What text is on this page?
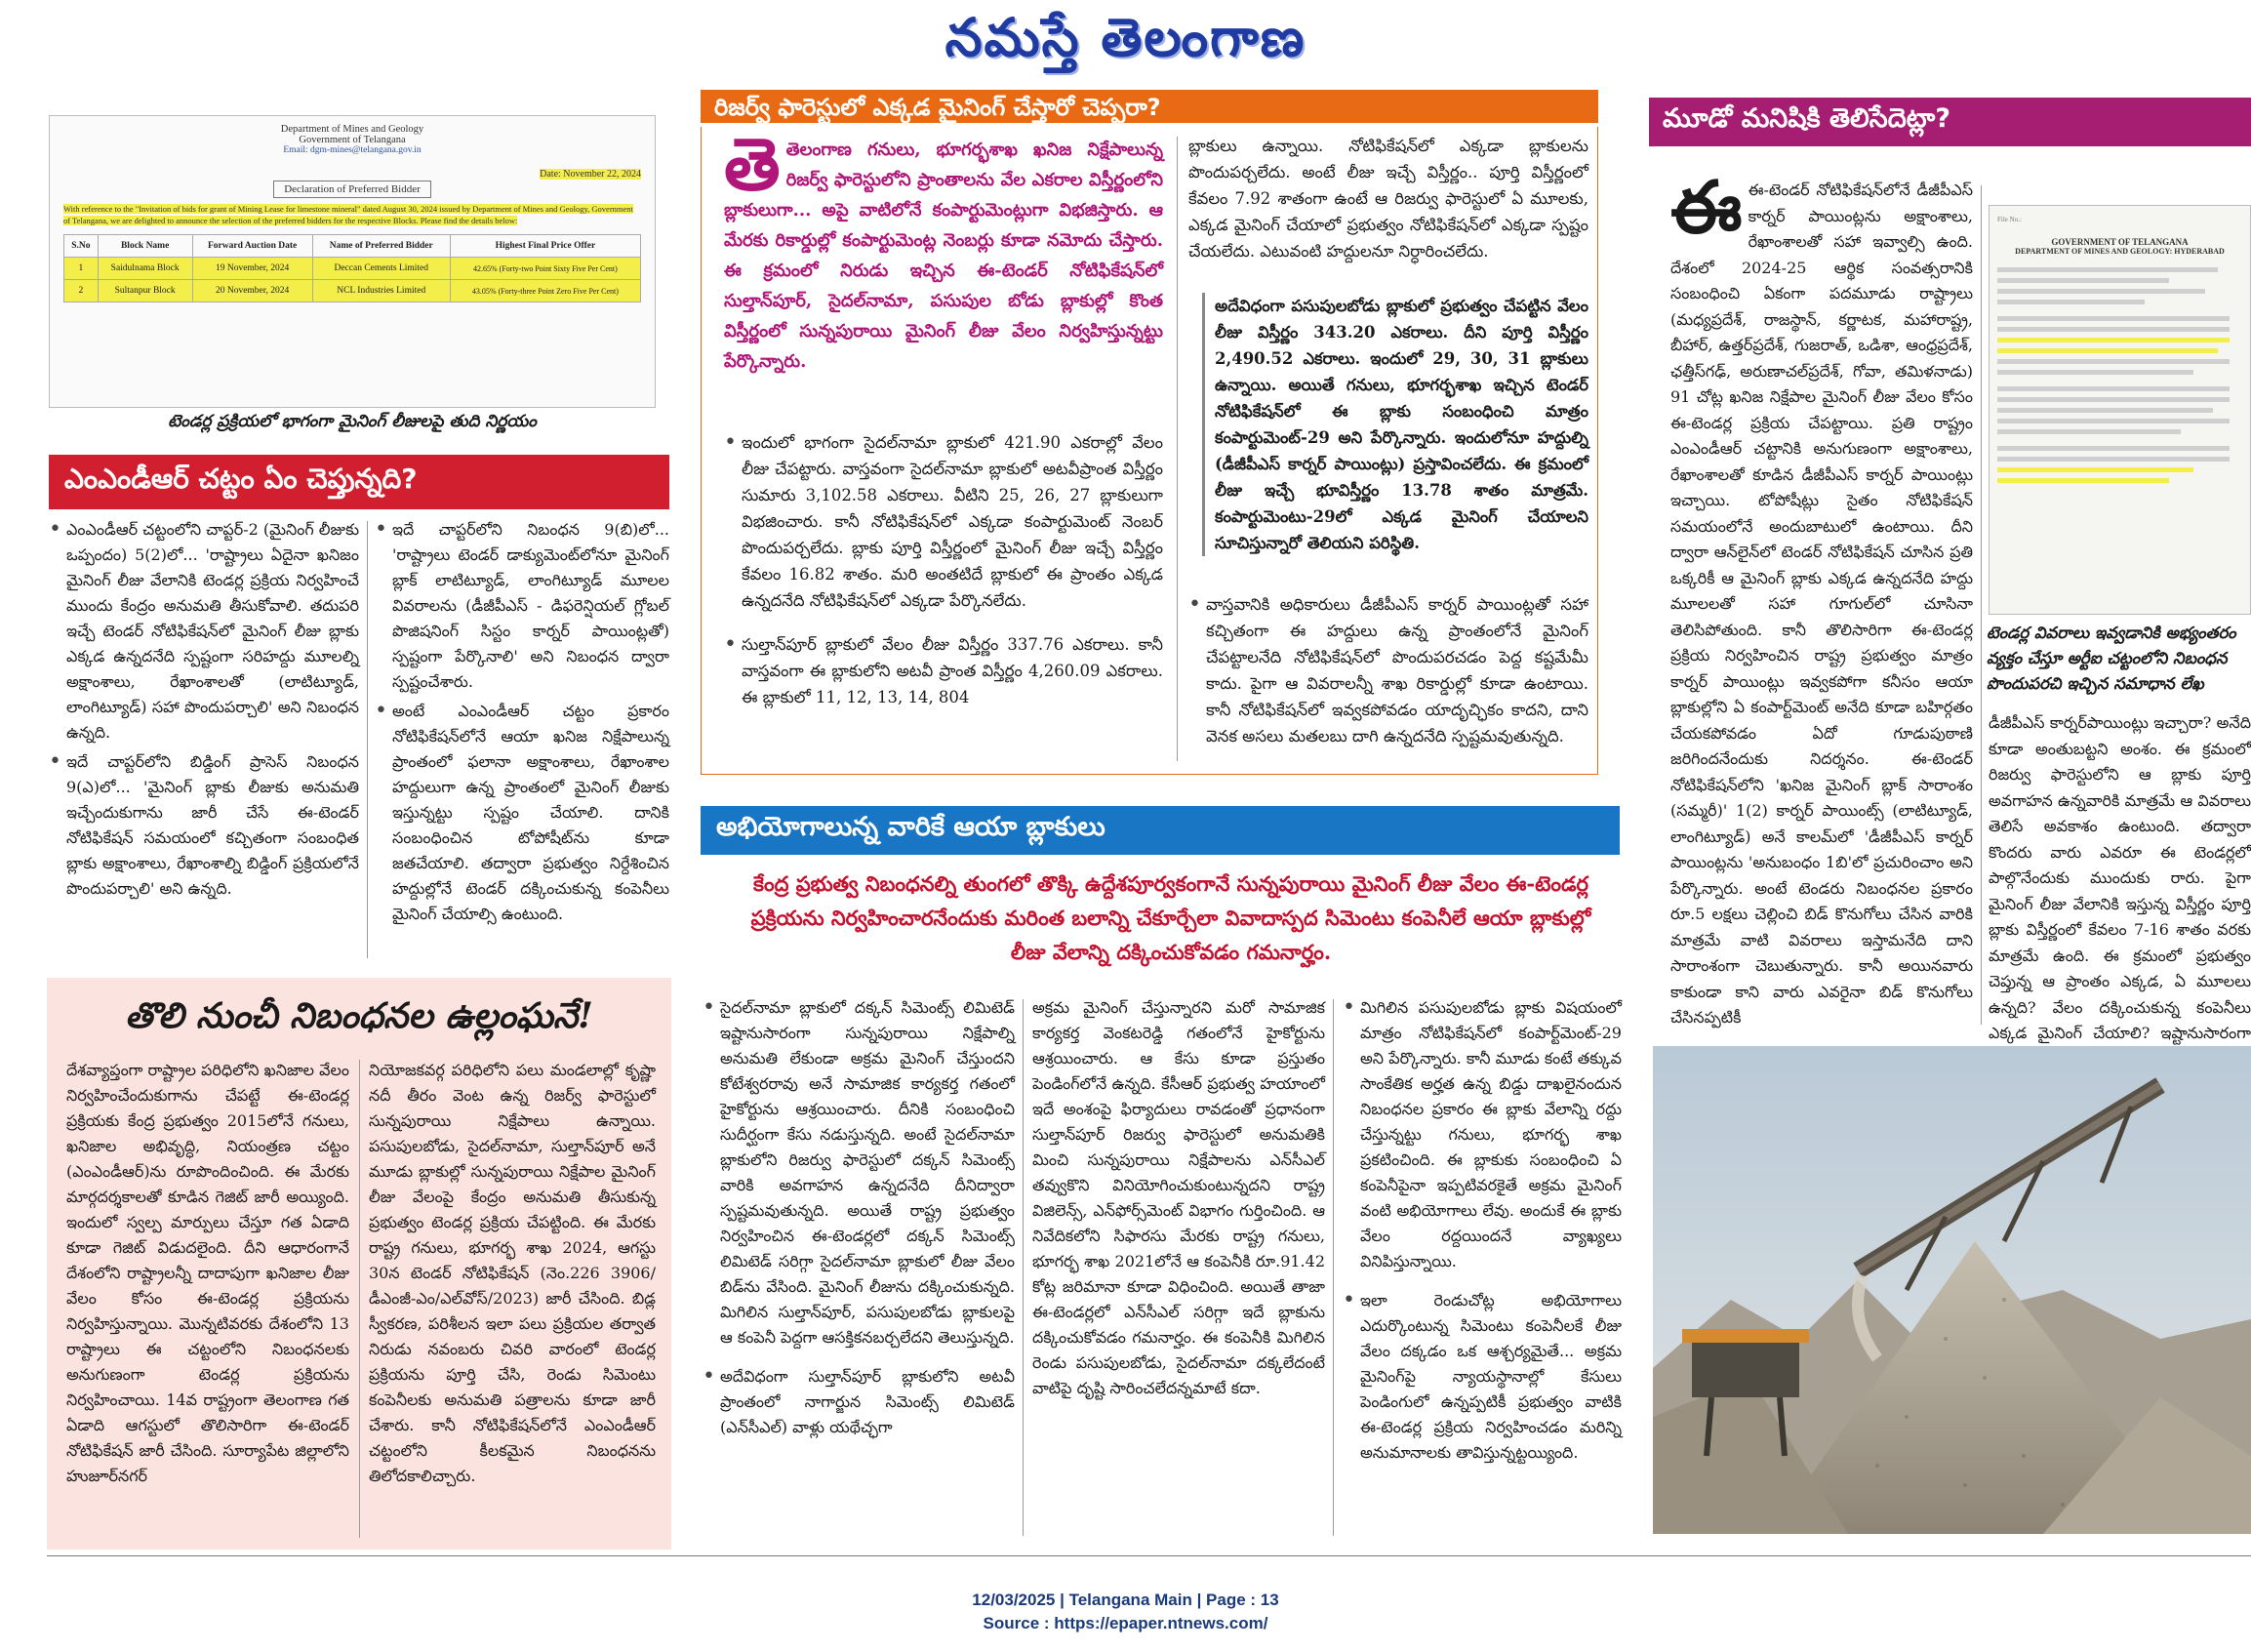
నమస్తే తెలంగాణ
Department of Mines and Geology
Government of Telangana
Email: dgm-mines@telangana.gov.in
Date: November 22, 2024
Declaration of Preferred Bidder
With reference to the "Invitation of bids for grant of Mining Lease for limestone mineral" dated August 30, 2024 issued by Department of Mines and Geology, Government of Telangana, we are delighted to announce the selection of the preferred bidders for the respective Blocks. Please find the details below:
S.No	Block Name	Forward Auction Date	Name of Preferred Bidder	Highest Final Price Offer
1	Saidulnama Block	19 November, 2024	Deccan Cements Limited	42.65% (Forty-two Point Sixty Five Per Cent)
2	Sultanpur Block	20 November, 2024	NCL Industries Limited	43.05% (Forty-three Point Zero Five Per Cent)
టెండర్ల ప్రక్రియలో భాగంగా మైనింగ్ లీజులపై తుది నిర్ణయం
ఎంఎండీఆర్ చట్టం ఏం చెప్తున్నది?

• ఎంఎండీఆర్ చట్టంలోని చాప్టర్-2 (మైనింగ్ లీజుకు ఒప్పందం) 5(2)లో... 'రాష్ట్రాలు ఏదైనా ఖనిజం మైనింగ్ లీజు వేలానికి టెండర్ల ప్రక్రియ నిర్వహించే ముందు కేంద్రం అనుమతి తీసుకోవాలి. తదుపరి ఇచ్చే టెండర్ నోటిఫికేషన్‌లో మైనింగ్ లీజు బ్లాకు ఎక్కడ ఉన్నదనేది స్పష్టంగా సరిహద్దు మూలల్ని అక్షాంశాలు, రేఖాంశాలతో (లాటిట్యూడ్, లాంగిట్యూడ్) సహా పొందుపర్చాలి' అని నిబంధన ఉన్నది.

• ఇదే చాప్టర్‌లోని బిడ్డింగ్ ప్రాసెస్ నిబంధన 9(ఎ)లో... 'మైనింగ్ బ్లాకు లీజుకు అనుమతి ఇచ్చేందుకుగాను జారీ చేసే ఈ-టెండర్ నోటిఫికేషన్ సమయంలో కచ్చితంగా సంబంధిత బ్లాకు అక్షాంశాలు, రేఖాంశాల్ని బిడ్డింగ్ ప్రక్రియలోనే పొందుపర్చాలి' అని ఉన్నది.

• ఇదే చాప్టర్‌లోని నిబంధన 9(బి)లో... 'రాష్ట్రాలు టెండర్ డాక్యుమెంట్‌లోనూ మైనింగ్ బ్లాక్ లాటిట్యూడ్, లాంగిట్యూడ్ మూలల వివరాలను (డీజీపీఎస్ - డిఫరెన్షియల్ గ్లోబల్ పొజిషనింగ్ సిస్టం కార్నర్ పాయింట్లతో) స్పష్టంగా పేర్కొనాలి' అని నిబంధన ద్వారా స్పష్టంచేశారు.

• అంటే ఎంఎండీఆర్ చట్టం ప్రకారం నోటిఫికేషన్‌లోనే ఆయా ఖనిజ నిక్షేపాలున్న ప్రాంతంలో ఫలానా అక్షాంశాలు, రేఖాంశాల హద్దులుగా ఉన్న ప్రాంతంలో మైనింగ్ లీజుకు ఇస్తున్నట్టు స్పష్టం చేయాలి. దానికి సంబంధించిన టోపోషీట్‌ను కూడా జతచేయాలి. తద్వారా ప్రభుత్వం నిర్దేశించిన హద్దుల్లోనే టెండర్ దక్కించుకున్న కంపెనీలు మైనింగ్ చేయాల్సి ఉంటుంది.

తొలి నుంచీ నిబంధనల ఉల్లంఘనే!
దేశవ్యాప్తంగా రాష్ట్రాల పరిధిలోని ఖనిజాల వేలం నిర్వహించేందుకుగాను చేపట్టే ఈ-టెండర్ల ప్రక్రియకు కేంద్ర ప్రభుత్వం 2015లోనే గనులు, ఖనిజాల అభివృద్ధి, నియంత్రణ చట్టం (ఎంఎండీఆర్)ను రూపొందించింది. ఈ మేరకు మార్గదర్శకాలతో కూడిన గెజిట్ జారీ అయ్యింది. ఇందులో స్వల్ప మార్పులు చేస్తూ గత ఏడాది కూడా గెజిట్ విడుదలైంది. దీని ఆధారంగానే దేశంలోని రాష్ట్రాలన్నీ దాదాపుగా ఖనిజాల లీజు వేలం కోసం ఈ-టెండర్ల ప్రక్రియను నిర్వహిస్తున్నాయి. మొన్నటివరకు దేశంలోని 13 రాష్ట్రాలు ఈ చట్టంలోని నిబంధనలకు అనుగుణంగా టెండర్ల ప్రక్రియను నిర్వహించాయి. 14వ రాష్ట్రంగా తెలంగాణ గత ఏడాది ఆగస్టులో తొలిసారిగా ఈ-టెండర్ నోటిఫికేషన్ జారీ చేసింది. సూర్యాపేట జిల్లాలోని హుజూర్‌నగర్
నియోజకవర్గ పరిధిలోని పలు మండలాల్లో కృష్ణా నదీ తీరం వెంట ఉన్న రిజర్వ్ ఫారెస్టులో సున్నపురాయి నిక్షేపాలు ఉన్నాయి. పసుపులబోడు, సైదల్‌నామా, సుల్తాన్‌పూర్ అనే మూడు బ్లాకుల్లో సున్నపురాయి నిక్షేపాల మైనింగ్ లీజు వేలంపై కేంద్రం అనుమతి తీసుకున్న ప్రభుత్వం టెండర్ల ప్రక్రియ చేపట్టింది. ఈ మేరకు రాష్ట్ర గనులు, భూగర్భ శాఖ 2024, ఆగస్టు 30న టెండర్ నోటిఫికేషన్ (నెం.226 3906/డీఎంజీ-ఎం/ఎల్‌వోస్/2023) జారీ చేసింది. బిడ్ల స్వీకరణ, పరిశీలన ఇలా పలు ప్రక్రియల తర్వాత నిరుడు నవంబరు చివరి వారంలో టెండర్ల ప్రక్రియను పూర్తి చేసి, రెండు సిమెంటు కంపెనీలకు అనుమతి పత్రాలను కూడా జారీ చేశారు. కానీ నోటిఫికేషన్‌లోనే ఎంఎండీఆర్ చట్టంలోని కీలకమైన నిబంధనను తిలోదకాలిచ్చారు.
రిజర్వ్ ఫారెస్టులో ఎక్కడ మైనింగ్ చేస్తారో చెప్పరా?
తెతెలంగాణ గనులు, భూగర్భశాఖ ఖనిజ నిక్షేపాలున్న రిజర్వ్ ఫారెస్టులోని ప్రాంతాలను వేల ఎకరాల విస్తీర్ణంలోని బ్లాకులుగా... అపై వాటిలోనే కంపార్టుమెంట్లుగా విభజిస్తారు. ఆ మేరకు రికార్డుల్లో కంపార్టుమెంట్ల నెంబర్లు కూడా నమోదు చేస్తారు. ఈ క్రమంలో నిరుడు ఇచ్చిన ఈ-టెండర్ నోటిఫికేషన్‌లో సుల్తాన్‌పూర్, సైదల్‌నామా, పసుపుల బోడు బ్లాకుల్లో కొంత విస్తీర్ణంలో సున్నపురాయి మైనింగ్ లీజు వేలం నిర్వహిస్తున్నట్టు పేర్కొన్నారు.

• ఇందులో భాగంగా సైదల్‌నామా బ్లాకులో 421.90 ఎకరాల్లో వేలం లీజు చేపట్టారు. వాస్తవంగా సైదల్‌నామా బ్లాకులో అటవీప్రాంత విస్తీర్ణం సుమారు 3,102.58 ఎకరాలు. వీటిని 25, 26, 27 బ్లాకులుగా విభజించారు. కానీ నోటిఫికేషన్‌లో ఎక్కడా కంపార్టుమెంట్ నెంబర్ పొందుపర్చలేదు. బ్లాకు పూర్తి విస్తీర్ణంలో మైనింగ్ లీజు ఇచ్చే విస్తీర్ణం కేవలం 16.82 శాతం. మరి అంతటిదే బ్లాకులో ఈ ప్రాంతం ఎక్కడ ఉన్నదనేది నోటిఫికేషన్‌లో ఎక్కడా పేర్కొనలేదు.

• సుల్తాన్‌పూర్ బ్లాకులో వేలం లీజు విస్తీర్ణం 337.76 ఎకరాలు. కానీ వాస్తవంగా ఈ బ్లాకులోని అటవీ ప్రాంత విస్తీర్ణం 4,260.09 ఎకరాలు. ఈ బ్లాకులో 11, 12, 13, 14, 804

బ్లాకులు ఉన్నాయి. నోటిఫికేషన్‌లో ఎక్కడా బ్లాకులను పొందుపర్చలేదు. అంటే లీజు ఇచ్చే విస్తీర్ణం.. పూర్తి విస్తీర్ణంలో కేవలం 7.92 శాతంగా ఉంటే ఆ రిజర్వు ఫారెస్టులో ఏ మూలకు, ఎక్కడ మైనింగ్ చేయాలో ప్రభుత్వం నోటిఫికేషన్‌లో ఎక్కడా స్పష్టం చేయలేదు. ఎటువంటి హద్దులనూ నిర్ధారించలేదు.
అదేవిధంగా పసుపులబోడు బ్లాకులో ప్రభుత్వం చేపట్టిన వేలం లీజు విస్తీర్ణం 343.20 ఎకరాలు. దీని పూర్తి విస్తీర్ణం 2,490.52 ఎకరాలు. ఇందులో 29, 30, 31 బ్లాకులు ఉన్నాయి. అయితే గనులు, భూగర్భశాఖ ఇచ్చిన టెండర్ నోటిఫికేషన్‌లో ఈ బ్లాకు సంబంధించి మాత్రం కంపార్టుమెంట్-29 అని పేర్కొన్నారు. ఇందులోనూ హద్దుల్ని (డీజీపీఎస్ కార్నర్ పాయింట్లు) ప్రస్తావించలేదు. ఈ క్రమంలో లీజు ఇచ్చే భూవిస్తీర్ణం 13.78 శాతం మాత్రమే. కంపార్టుమెంటు-29లో ఎక్కడ మైనింగ్ చేయాలని సూచిస్తున్నారో తెలియని పరిస్థితి.

• వాస్తవానికి అధికారులు డీజీపీఎస్ కార్నర్ పాయింట్లతో సహా కచ్చితంగా ఈ హద్దులు ఉన్న ప్రాంతంలోనే మైనింగ్ చేపట్టాలనేది నోటిఫికేషన్‌లో పొందుపరచడం పెద్ద కష్టమేమీ కాదు. పైగా ఆ వివరాలన్నీ శాఖ రికార్డుల్లో కూడా ఉంటాయి. కానీ నోటిఫికేషన్‌లో ఇవ్వకపోవడం యాదృచ్ఛికం కాదని, దాని వెనక అసలు మతలబు దాగి ఉన్నదనేది స్పష్టమవుతున్నది.

అభియోగాలున్న వారికే ఆయా బ్లాకులు
కేంద్ర ప్రభుత్వ నిబంధనల్ని తుంగలో తొక్కి ఉద్దేశపూర్వకంగానే సున్నపురాయి మైనింగ్ లీజు వేలం ఈ-టెండర్ల ప్రక్రియను నిర్వహించారనేందుకు మరింత బలాన్ని చేకూర్చేలా వివాదాస్పద సిమెంటు కంపెనీలే ఆయా బ్లాకుల్లో లీజు వేలాన్ని దక్కించుకోవడం గమనార్హం.

• సైదల్‌నామా బ్లాకులో దక్కన్ సిమెంట్స్ లిమిటెడ్ ఇష్టానుసారంగా సున్నపురాయి నిక్షేపాల్ని అనుమతి లేకుండా అక్రమ మైనింగ్ చేస్తుందని కోటేశ్వరరావు అనే సామాజిక కార్యకర్త గతంలో హైకోర్టును ఆశ్రయించారు. దీనికి సంబంధించి సుదీర్ఘంగా కేసు నడుస్తున్నది. అంటే సైదల్‌నామా బ్లాకులోని రిజర్వు ఫారెస్టులో దక్కన్ సిమెంట్స్ వారికి అవగాహన ఉన్నదనేది దీనిద్వారా స్పష్టమవుతున్నది. అయితే రాష్ట్ర ప్రభుత్వం నిర్వహించిన ఈ-టెండర్లలో దక్కన్ సిమెంట్స్ లిమిటెడ్ సరిగ్గా సైదల్‌నామా బ్లాకులో లీజు వేలం బిడ్‌ను వేసింది. మైనింగ్ లీజును దక్కించుకున్నది. మిగిలిన సుల్తాన్‌పూర్, పసుపులబోడు బ్లాకులపై ఆ కంపెనీ పెద్దగా ఆసక్తికనబర్చలేదని తెలుస్తున్నది.

• అదేవిధంగా సుల్తాన్‌పూర్ బ్లాకులోని అటవీ ప్రాంతంలో నాగార్జున సిమెంట్స్ లిమిటెడ్ (ఎన్‌సీఎల్) వాళ్లు యథేచ్ఛగా

అక్రమ మైనింగ్ చేస్తున్నారని మరో సామాజిక కార్యకర్త వెంకటరెడ్డి గతంలోనే హైకోర్టును ఆశ్రయించారు. ఆ కేసు కూడా ప్రస్తుతం పెండింగ్‌లోనే ఉన్నది. కేసీఆర్ ప్రభుత్వ హయాంలో ఇదే అంశంపై ఫిర్యాదులు రావడంతో ప్రధానంగా సుల్తాన్‌పూర్ రిజర్వు ఫారెస్టులో అనుమతికి మించి సున్నపురాయి నిక్షేపాలను ఎన్‌సీఎల్ తవ్వుకొని వినియోగించుకుంటున్నదని రాష్ట్ర విజిలెన్స్, ఎన్‌ఫోర్స్‌మెంట్ విభాగం గుర్తించింది. ఆ నివేదికలోని సిఫారసు మేరకు రాష్ట్ర గనులు, భూగర్భ శాఖ 2021లోనే ఆ కంపెనీకి రూ.91.42 కోట్ల జరిమానా కూడా విధించింది. అయితే తాజా ఈ-టెండర్లలో ఎన్‌సీఎల్ సరిగ్గా ఇదే బ్లాకును దక్కించుకోవడం గమనార్హం. ఈ కంపెనీకి మిగిలిన రెండు పసుపులబోడు, సైదల్‌నామా దక్కలేదంటే వాటిపై దృష్టి సారించలేదన్నమాటే కదా.

• మిగిలిన పసుపులబోడు బ్లాకు విషయంలో మాత్రం నోటిఫికేషన్‌లో కంపార్ట్‌మెంట్-29 అని పేర్కొన్నారు. కానీ మూడు కంటే తక్కువ సాంకేతిక అర్హత ఉన్న బిడ్డు దాఖలైనందున నిబంధనల ప్రకారం ఈ బ్లాకు వేలాన్ని రద్దు చేస్తున్నట్టు గనులు, భూగర్భ శాఖ ప్రకటించింది. ఈ బ్లాకుకు సంబంధించి ఏ కంపెనీపైనా ఇప్పటివరకైతే అక్రమ మైనింగ్ వంటి అభియోగాలు లేవు. అందుకే ఈ బ్లాకు వేలం రద్దయిందనే వ్యాఖ్యలు వినిపిస్తున్నాయి.

• ఇలా రెండుచోట్ల అభియోగాలు ఎదుర్కొంటున్న సిమెంటు కంపెనీలకే లీజు వేలం దక్కడం ఒక ఆశ్చర్యమైతే... అక్రమ మైనింగ్‌పై న్యాయస్థానాల్లో కేసులు పెండింగులో ఉన్నప్పటికీ ప్రభుత్వం వాటికి ఈ-టెండర్ల ప్రక్రియ నిర్వహించడం మరిన్ని అనుమానాలకు తావిస్తున్నట్టయ్యింది.

మూడో మనిషికి తెలిసేదెట్లా?
ఈఈ-టెండర్ నోటిఫికేషన్‌లోనే డీజీపీఎస్ కార్నర్ పాయింట్లను అక్షాంశాలు, రేఖాంశాలతో సహా ఇవ్వాల్సి ఉంది. దేశంలో 2024-25 ఆర్థిక సంవత్సరానికి సంబంధించి ఏకంగా పదమూడు రాష్ట్రాలు (మధ్యప్రదేశ్, రాజస్థాన్, కర్ణాటక, మహారాష్ట్ర, బీహార్, ఉత్తర్‌ప్రదేశ్, గుజరాత్, ఒడిశా, ఆంధ్రప్రదేశ్, ఛత్తీస్‌గఢ్, అరుణాచల్‌ప్రదేశ్, గోవా, తమిళనాడు) 91 చోట్ల ఖనిజ నిక్షేపాల మైనింగ్ లీజు వేలం కోసం ఈ-టెండర్ల ప్రక్రియ చేపట్టాయి. ప్రతి రాష్ట్రం ఎంఎండీఆర్ చట్టానికి అనుగుణంగా అక్షాంశాలు, రేఖాంశాలతో కూడిన డీజీపీఎస్ కార్నర్ పాయింట్లు ఇచ్చాయి. టోపోషీట్లు సైతం నోటిఫికేషన్ సమయంలోనే అందుబాటులో ఉంటాయి. దీని ద్వారా ఆన్‌లైన్‌లో టెండర్ నోటిఫికేషన్ చూసిన ప్రతి ఒక్కరికీ ఆ మైనింగ్ బ్లాకు ఎక్కడ ఉన్నదనేది హద్దు మూలలతో సహా గూగుల్‌లో చూసినా తెలిసిపోతుంది. కానీ తొలిసారిగా ఈ-టెండర్ల ప్రక్రియ నిర్వహించిన రాష్ట్ర ప్రభుత్వం మాత్రం కార్నర్ పాయింట్లు ఇవ్వకపోగా కనీసం ఆయా బ్లాకుల్లోని ఏ కంపార్ట్‌మెంట్ అనేది కూడా బహిర్గతం చేయకపోవడం ఏదో గూడుపుఠాణి జరిగిందనేందుకు నిదర్శనం. ఈ-టెండర్ నోటిఫికేషన్‌లోని 'ఖనిజ మైనింగ్ బ్లాక్ సారాంశం (సమ్మరీ)' 1(2) కార్నర్ పాయింట్స్ (లాటిట్యూడ్, లాంగిట్యూడ్) అనే కాలమ్‌లో 'డీజీపీఎస్ కార్నర్ పాయింట్లను 'అనుబంధం 1బి'లో ప్రచురించాం అని పేర్కొన్నారు. అంటే టెండరు నిబంధనల ప్రకారం రూ.5 లక్షలు చెల్లించి బిడ్ కొనుగోలు చేసిన వారికి మాత్రమే వాటి వివరాలు ఇస్తామనేది దాని సారాంశంగా చెబుతున్నారు. కానీ అయినవారు కాకుండా కాని వారు ఎవరైనా బిడ్ కొనుగోలు చేసినప్పటికీ
File No.:
GOVERNMENT OF TELANGANA
DEPARTMENT OF MINES AND GEOLOGY: HYDERABAD
టెండర్ల వివరాలు ఇవ్వడానికి అభ్యంతరం వ్యక్తం చేస్తూ అర్టీఐ చట్టంలోని నిబంధన పొందుపరచి ఇచ్చిన సమాధాన లేఖ
డీజీపీఎస్ కార్నర్‌పాయింట్లు ఇచ్చారా? అనేది కూడా అంతుబట్టని అంశం. ఈ క్రమంలో రిజర్వు ఫారెస్టులోని ఆ బ్లాకు పూర్తి అవగాహన ఉన్నవారికి మాత్రమే ఆ వివరాలు తెలిసే అవకాశం ఉంటుంది. తద్వారా కొందరు వారు ఎవరూ ఈ టెండర్లలో పాల్గొనేందుకు ముందుకు రారు. పైగా మైనింగ్ లీజు వేలానికి ఇస్తున్న విస్తీర్ణం పూర్తి బ్లాకు విస్తీర్ణంలో కేవలం 7-16 శాతం వరకు మాత్రమే ఉంది. ఈ క్రమంలో ప్రభుత్వం చెప్తున్న ఆ ప్రాంతం ఎక్కడ, ఏ మూలలు ఉన్నది? వేలం దక్కించుకున్న కంపెనీలు ఎక్కడ మైనింగ్ చేయాలి? ఇష్టానుసారంగా
12/03/2025 | Telangana Main | Page : 13
Source : https://epaper.ntnews.com/
